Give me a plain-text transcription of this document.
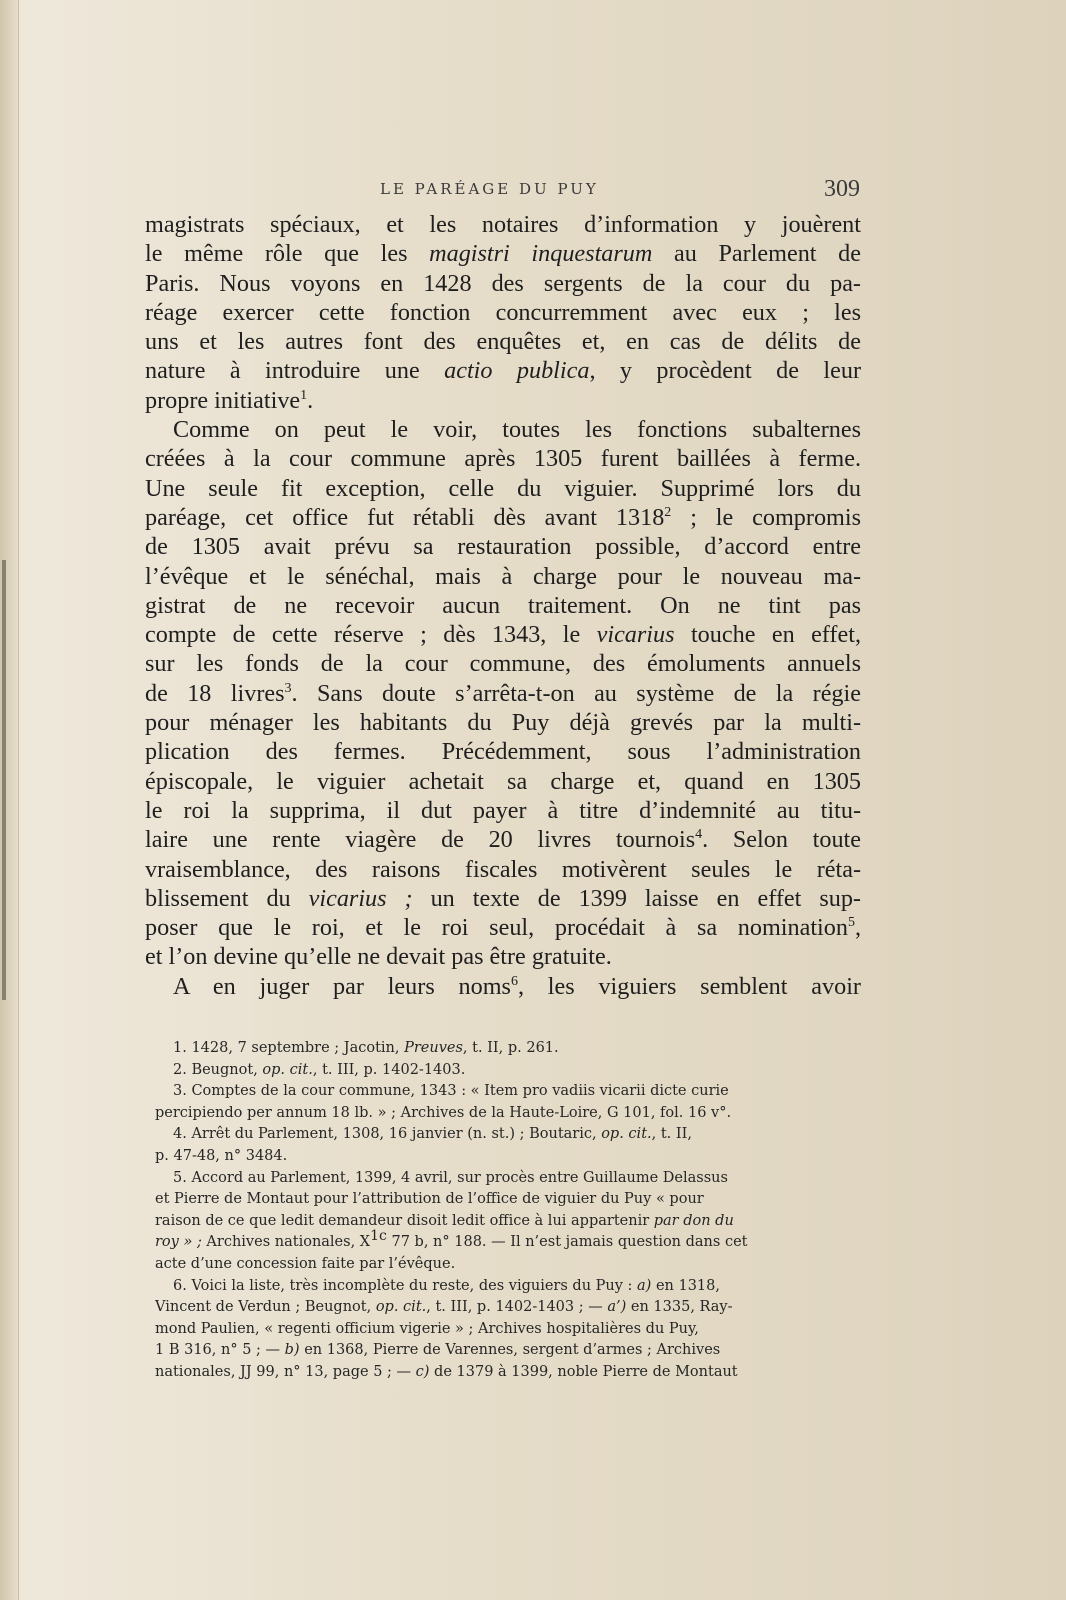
LE PARÉAGE DU PUY	309

magistrats spéciaux, et les notaires d’information y jouèrent

le même rôle que les magistri inquestarum au Parlement de

Paris. Nous voyons en 1428 des sergents de la cour du pa-

réage exercer cette fonction concurremment avec eux ; les

uns et les autres font des enquêtes et, en cas de délits de

nature à introduire une actio publica, y procèdent de leur

propre initiative$^1$.

Comme on peut le voir, toutes les fonctions subalternes

créées à la cour commune après 1305 furent baillées à ferme.

Une seule fit exception, celle du viguier. Supprimé lors du

paréage, cet office fut rétabli dès avant 1318$^2$ ; le compromis

de 1305 avait prévu sa restauration possible, d’accord entre

l’évêque et le sénéchal, mais à charge pour le nouveau ma-

gistrat de ne recevoir aucun traitement. On ne tint pas

compte de cette réserve ; dès 1343, le vicarius touche en effet,

sur les fonds de la cour commune, des émoluments annuels

de 18 livres$^3$. Sans doute s’arrêta-t-on au système de la régie

pour ménager les habitants du Puy déjà grevés par la multi-

plication des fermes. Précédemment, sous l’administration

épiscopale, le viguier achetait sa charge et, quand en 1305

le roi la supprima, il dut payer à titre d’indemnité au titu-

laire une rente viagère de 20 livres tournois$^4$. Selon toute

vraisemblance, des raisons fiscales motivèrent seules le réta-

blissement du vicarius ; un texte de 1399 laisse en effet sup-

poser que le roi, et le roi seul, procédait à sa nomination$^5$,

et l’on devine qu’elle ne devait pas être gratuite.

A en juger par leurs noms$^6$, les viguiers semblent avoir

1. 1428, 7 septembre ; Jacotin, Preuves, t. II, p. 261.

2. Beugnot, op. cit., t. III, p. 1402-1403.

3. Comptes de la cour commune, 1343 : « Item pro vadiis vicarii dicte curie

percipiendo per annum 18 lb. » ; Archives de la Haute-Loire, G 101, fol. 16 v°.

4. Arrêt du Parlement, 1308, 16 janvier (n. st.) ; Boutaric, op. cit., t. II,

p. 47-48, n° 3484.

5. Accord au Parlement, 1399, 4 avril, sur procès entre Guillaume Delassus

et Pierre de Montaut pour l’attribution de l’office de viguier du Puy « pour

raison de ce que ledit demandeur disoit ledit office à lui appartenir par don du

roy » ; Archives nationales, $X^{1c}$ 77 b, n° 188. — Il n’est jamais question dans cet

acte d’une concession faite par l’évêque.

6. Voici la liste, très incomplète du reste, des viguiers du Puy : a) en 1318,

Vincent de Verdun ; Beugnot, op. cit., t. III, p. 1402-1403 ; — a’) en 1335, Ray-

mond Paulien, « regenti officium vigerie » ; Archives hospitalières du Puy,

1 B 316, n° 5 ; — b) en 1368, Pierre de Varennes, sergent d’armes ; Archives

nationales, JJ 99, n° 13, page 5 ; — c) de 1379 à 1399, noble Pierre de Montaut
